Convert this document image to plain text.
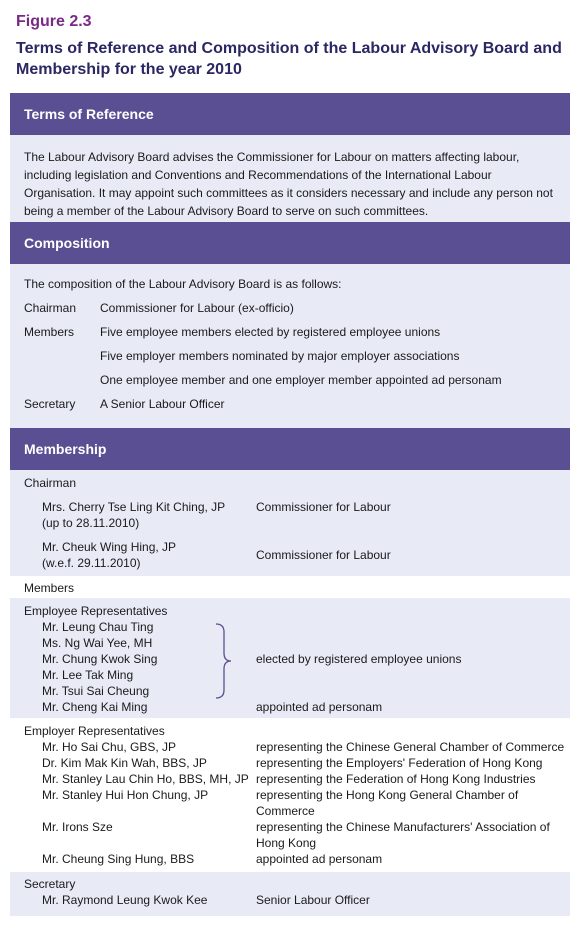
Figure 2.3
Terms of Reference and Composition of the Labour Advisory Board and Membership for the year 2010
Terms of Reference
The Labour Advisory Board advises the Commissioner for Labour on matters affecting labour, including legislation and Conventions and Recommendations of the International Labour Organisation. It may appoint such committees as it considers necessary and include any person not being a member of the Labour Advisory Board to serve on such committees.
Composition
The composition of the Labour Advisory Board is as follows:
Chairman Commissioner for Labour (ex-officio)
Members Five employee members elected by registered employee unions
Five employer members nominated by major employer associations
One employee member and one employer member appointed ad personam
Secretary A Senior Labour Officer
Membership
Chairman
Mrs. Cherry Tse Ling Kit Ching, JP
(up to 28.11.2010)
Commissioner for Labour
Mr. Cheuk Wing Hing, JP
(w.e.f. 29.11.2010)
Commissioner for Labour
Members
Employee Representatives
Mr. Leung Chau Ting
Ms. Ng Wai Yee, MH
Mr. Chung Kwok Sing
Mr. Lee Tak Ming
Mr. Tsui Sai Cheung
elected by registered employee unions
Mr. Cheng Kai Ming	appointed ad personam
Employer Representatives
Mr. Ho Sai Chu, GBS, JP	representing the Chinese General Chamber of Commerce
Dr. Kim Mak Kin Wah, BBS, JP	representing the Employers' Federation of Hong Kong
Mr. Stanley Lau Chin Ho, BBS, MH, JP representing the Federation of Hong Kong Industries
Mr. Stanley Hui Hon Chung, JP	representing the Hong Kong General Chamber of Commerce
Mr. Irons Sze	representing the Chinese Manufacturers' Association of Hong Kong
Mr. Cheung Sing Hung, BBS	appointed ad personam
Secretary
Mr. Raymond Leung Kwok Kee	Senior Labour Officer
